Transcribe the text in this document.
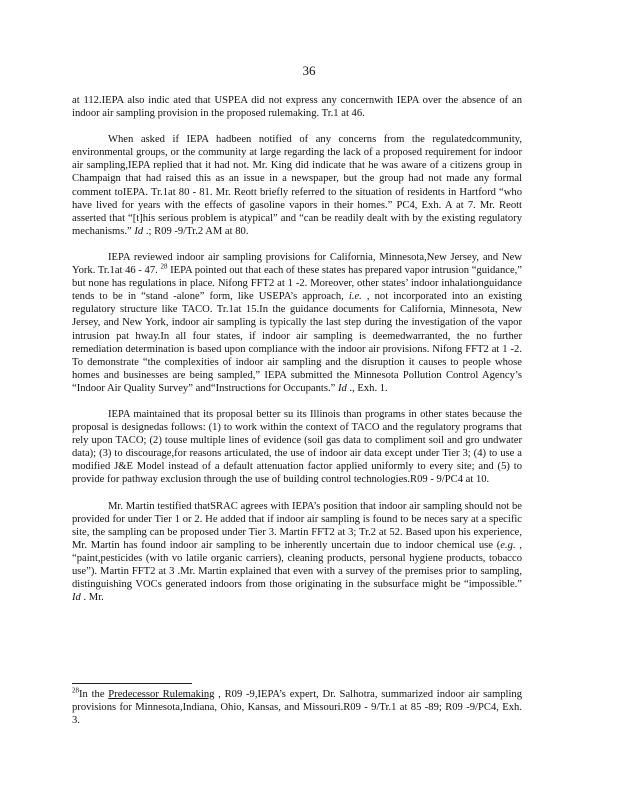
36

at 112.IEPA also indic ated that USPEA did not express any concernwith IEPA over the absence of an indoor air sampling provision in the proposed rulemaking. Tr.1 at 46.

When asked if IEPA hadbeen notified of any concerns from the regulatedcommunity, environmental groups, or the community at large regarding the lack of a proposed requirement for indoor air sampling,IEPA replied that it had not. Mr. King did indicate that he was aware of a citizens group in Champaign that had raised this as an issue in a newspaper, but the group had not made any formal comment toIEPA. Tr.1at 80 - 81. Mr. Reott briefly referred to the situation of residents in Hartford “who have lived for years with the effects of gasoline vapors in their homes.” PC4, Exh. A at 7. Mr. Reott asserted that “[t]his serious problem is atypical” and “can be readily dealt with by the existing regulatory mechanisms.” Id .; R09 -9/Tr.2 AM at 80.

IEPA reviewed indoor air sampling provisions for California, Minnesota,New Jersey, and New York. Tr.1at 46 - 47. $^{28}$ IEPA pointed out that each of these states has prepared vapor intrusion “guidance,” but none has regulations in place. Nifong FFT2 at 1 -2. Moreover, other states’ indoor inhalationguidance tends to be in “stand -alone” form, like USEPA’s approach, i.e. , not incorporated into an existing regulatory structure like TACO. Tr.1at 15.In the guidance documents for California, Minnesota, New Jersey, and New York, indoor air sampling is typically the last step during the investigation of the vapor intrusion pat hway.In all four states, if indoor air sampling is deemedwarranted, the no further remediation determination is based upon compliance with the indoor air provisions. Nifong FFT2 at 1 -2. To demonstrate “the complexities of indoor air sampling and the disruption it causes to people whose homes and businesses are being sampled,” IEPA submitted the Minnesota Pollution Control Agency’s “Indoor Air Quality Survey” and“Instructions for Occupants.” Id ., Exh. 1.

IEPA maintained that its proposal better su its Illinois than programs in other states because the proposal is designedas follows: (1) to work within the context of TACO and the regulatory programs that rely upon TACO; (2) touse multiple lines of evidence (soil gas data to compliment soil and gro undwater data); (3) to discourage,for reasons articulated, the use of indoor air data except under Tier 3; (4) to use a modified J&E Model instead of a default attenuation factor applied uniformly to every site; and (5) to provide for pathway exclusion through the use of building control technologies.R09 - 9/PC4 at 10.

Mr. Martin testified thatSRAC agrees with IEPA’s position that indoor air sampling should not be provided for under Tier 1 or 2. He added that if indoor air sampling is found to be neces sary at a specific site, the sampling can be proposed under Tier 3. Martin FFT2 at 3; Tr.2 at 52. Based upon his experience, Mr. Martin has found indoor air sampling to be inherently uncertain due to indoor chemical use (e.g. , “paint,pesticides (with vo latile organic carriers), cleaning products, personal hygiene products, tobacco use”). Martin FFT2 at 3 .Mr. Martin explained that even with a survey of the premises prior to sampling, distinguishing VOCs generated indoors from those originating in the subsurface might be “impossible.” Id . Mr.

$^{28}$In the Predecessor Rulemaking , R09 -9,IEPA’s expert, Dr. Salhotra, summarized indoor air sampling provisions for Minnesota,Indiana, Ohio, Kansas, and Missouri.R09 - 9/Tr.1 at 85 -89; R09 -9/PC4, Exh. 3.
